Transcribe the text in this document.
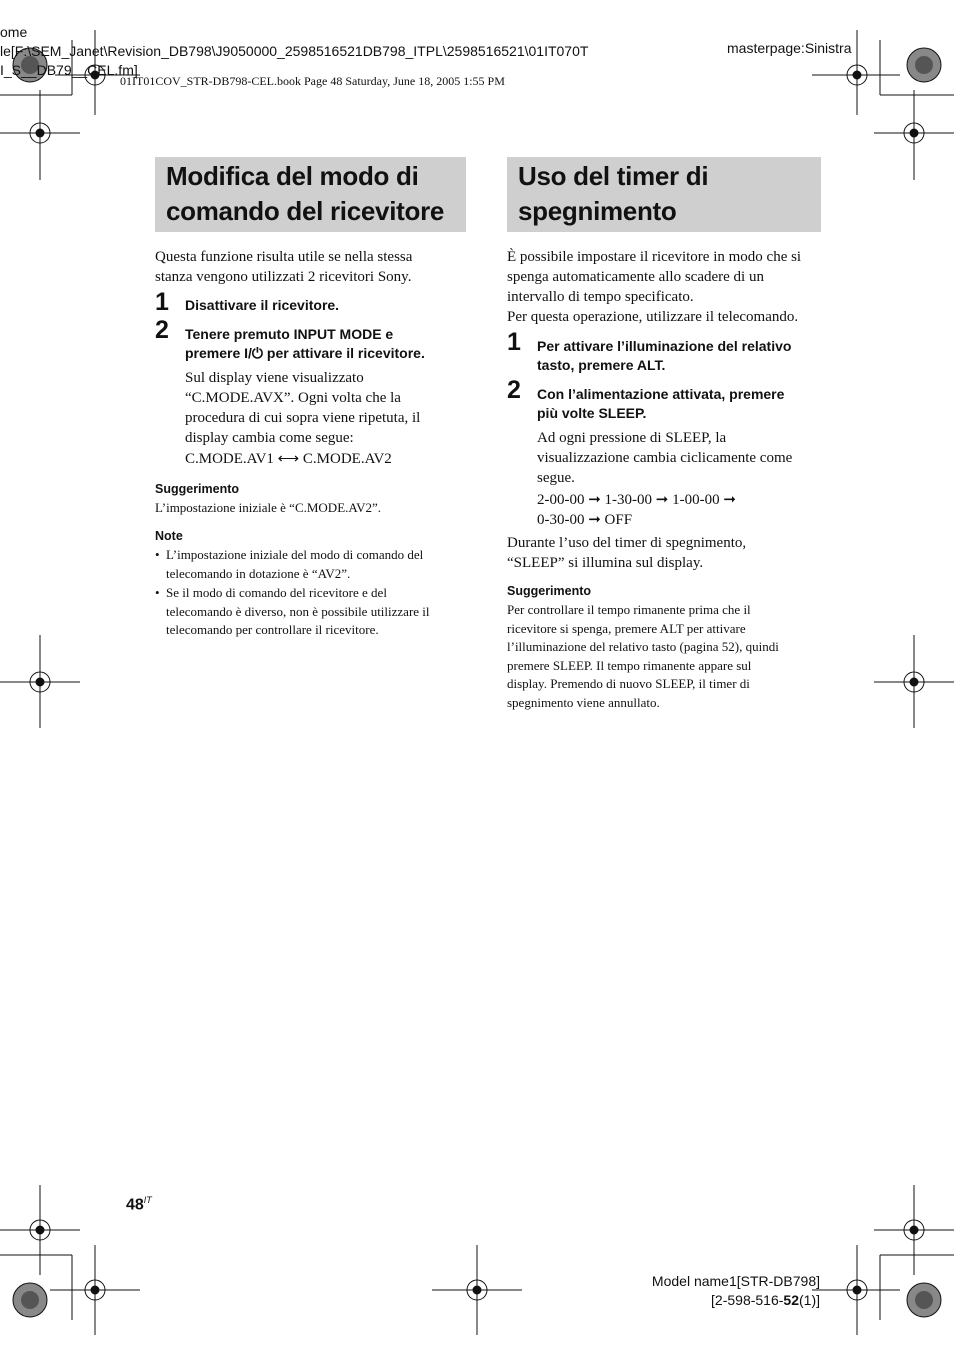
ome
le[F:\SEM_Janet\Revision_DB798\J9050000_2598516521DB798_ITPL\2598516521\01IT070T
I_S__DB79__CEL.fm]
masterpage:Sinistra
01IT01COV_STR-DB798-CEL.book Page 48 Saturday, June 18, 2005 1:55 PM
Modifica del modo di
comando del ricevitore
Questa funzione risulta utile se nella stessa
stanza vengono utilizzati 2 ricevitori Sony.
1 Disattivare il ricevitore.
2 Tenere premuto INPUT MODE e
premere I/⏻ per attivare il ricevitore.
Sul display viene visualizzato
“C.MODE.AVX”. Ogni volta che la
procedura di cui sopra viene ripetuta, il
display cambia come segue:
C.MODE.AV1 ⟷ C.MODE.AV2
Suggerimento
L’impostazione iniziale è “C.MODE.AV2”.
Note
• L’impostazione iniziale del modo di comando del
telecomando in dotazione è “AV2”.
• Se il modo di comando del ricevitore e del
telecomando è diverso, non è possibile utilizzare il
telecomando per controllare il ricevitore.
Uso del timer di
spegnimento
È possibile impostare il ricevitore in modo che si
spenga automaticamente allo scadere di un
intervallo di tempo specificato.
Per questa operazione, utilizzare il telecomando.
1 Per attivare l’illuminazione del relativo
tasto, premere ALT.
2 Con l’alimentazione attivata, premere
più volte SLEEP.
Ad ogni pressione di SLEEP, la
visualizzazione cambia ciclicamente come
segue.
2-00-00 ➞ 1-30-00 ➞ 1-00-00 ➞
0-30-00 ➞ OFF
Durante l’uso del timer di spegnimento,
“SLEEP” si illumina sul display.
Suggerimento
Per controllare il tempo rimanente prima che il
ricevitore si spenga, premere ALT per attivare
l’illuminazione del relativo tasto (pagina 52), quindi
premere SLEEP. Il tempo rimanente appare sul
display. Premendo di nuovo SLEEP, il timer di
spegnimento viene annullato.
$48^{IT}$
Model name1[STR-DB798]
[2-598-516-52(1)]
